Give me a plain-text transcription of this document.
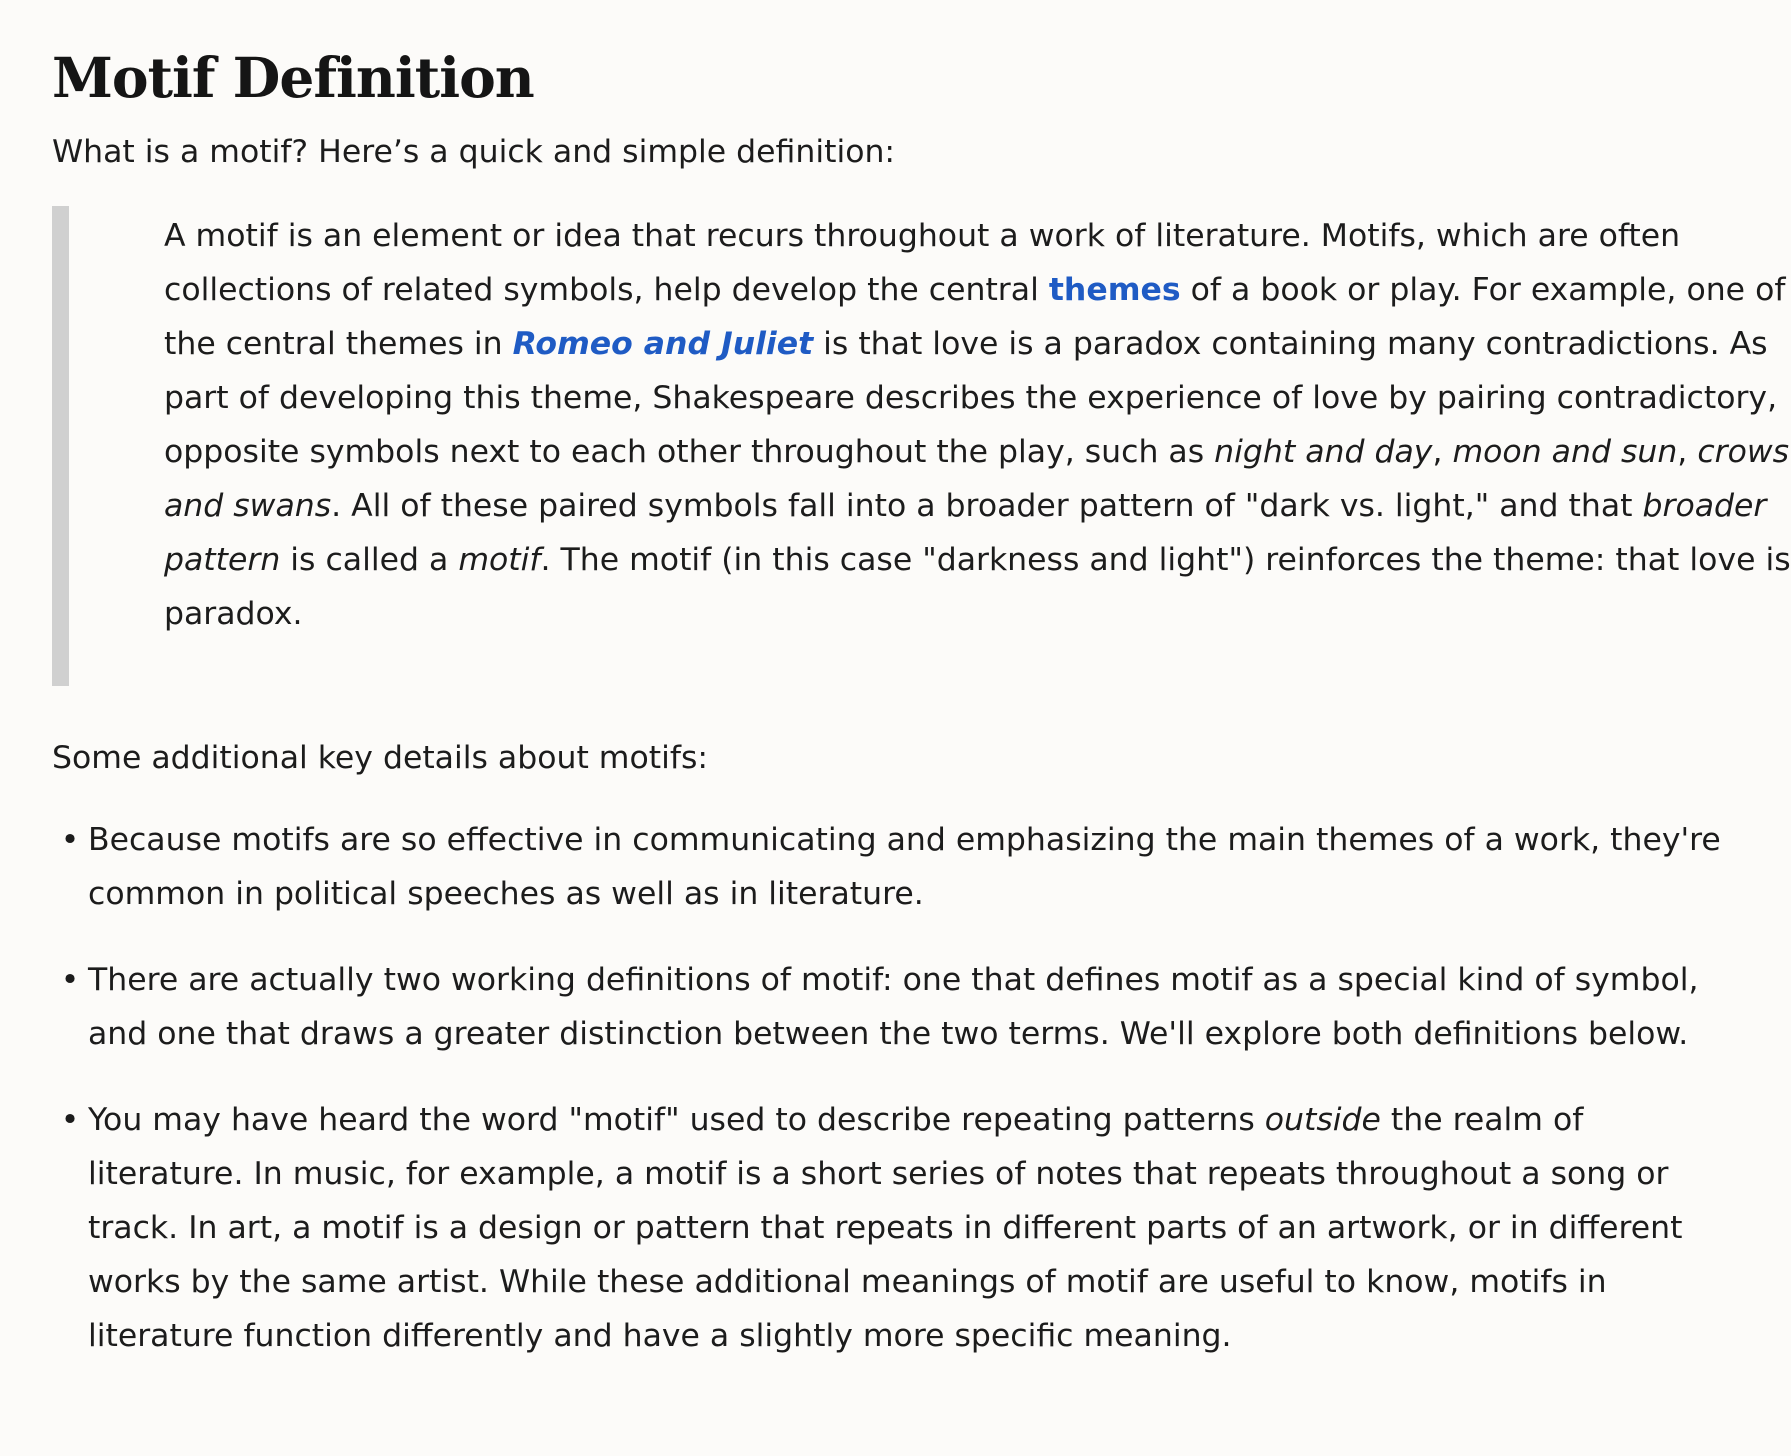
Motif Definition

What is a motif? Here’s a quick and simple definition:

A motif is an element or idea that recurs throughout a work of literature. Motifs, which are often
collections of related symbols, help develop the central themes of a book or play. For example, one of
the central themes in Romeo and Juliet is that love is a paradox containing many contradictions. As
part of developing this theme, Shakespeare describes the experience of love by pairing contradictory,
opposite symbols next to each other throughout the play, such as night and day, moon and sun, crows
and swans. All of these paired symbols fall into a broader pattern of "dark vs. light," and that broader
pattern is called a motif. The motif (in this case "darkness and light") reinforces the theme: that love is
paradox.

Some additional key details about motifs:

• Because motifs are so effective in communicating and emphasizing the main themes of a work, they're
common in political speeches as well as in literature.
• There are actually two working definitions of motif: one that defines motif as a special kind of symbol,
and one that draws a greater distinction between the two terms. We'll explore both definitions below.
• You may have heard the word "motif" used to describe repeating patterns outside the realm of
literature. In music, for example, a motif is a short series of notes that repeats throughout a song or
track. In art, a motif is a design or pattern that repeats in different parts of an artwork, or in different
works by the same artist. While these additional meanings of motif are useful to know, motifs in
literature function differently and have a slightly more specific meaning.
